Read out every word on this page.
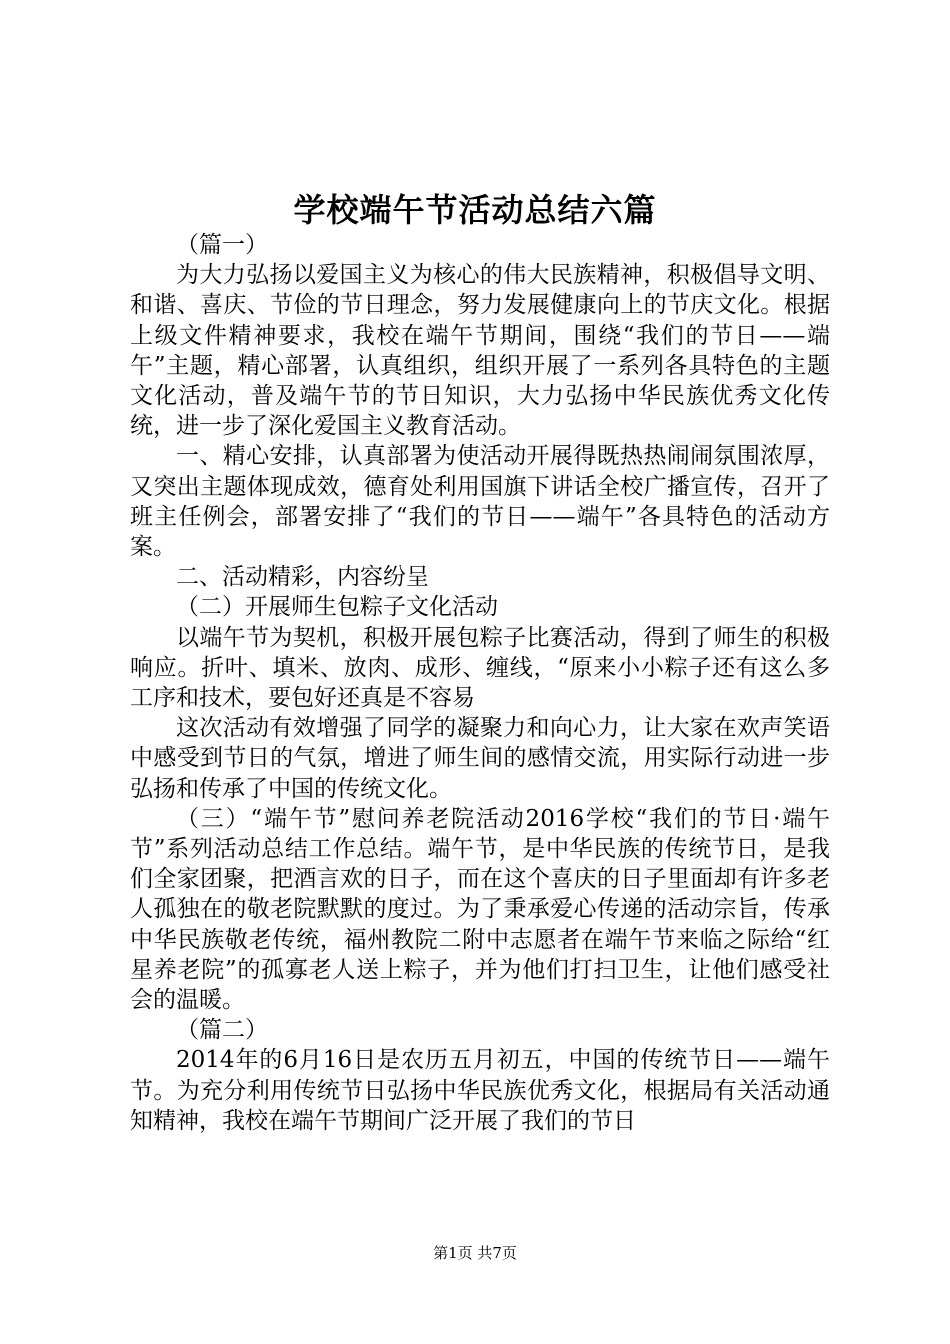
学校端午节活动总结六篇

（篇一）

为大力弘扬以爱国主义为核心的伟大民族精神，积极倡导文明、和谐、喜庆、节俭的节日理念，努力发展健康向上的节庆文化。根据上级文件精神要求，我校在端午节期间，围绕“我们的节日——端午”主题，精心部署，认真组织，组织开展了一系列各具特色的主题文化活动，普及端午节的节日知识，大力弘扬中华民族优秀文化传统，进一步了深化爱国主义教育活动。

一、精心安排，认真部署为使活动开展得既热热闹闹氛围浓厚，又突出主题体现成效，德育处利用国旗下讲话全校广播宣传，召开了班主任例会，部署安排了“我们的节日——端午”各具特色的活动方案。

二、活动精彩，内容纷呈

（二）开展师生包粽子文化活动

以端午节为契机，积极开展包粽子比赛活动，得到了师生的积极响应。折叶、填米、放肉、成形、缠线，“原来小小粽子还有这么多工序和技术，要包好还真是不容易

这次活动有效增强了同学的凝聚力和向心力，让大家在欢声笑语中感受到节日的气氛，增进了师生间的感情交流，用实际行动进一步弘扬和传承了中国的传统文化。

（三）“端午节”慰问养老院活动2016学校“我们的节日·端午节”系列活动总结工作总结。端午节，是中华民族的传统节日，是我们全家团聚，把酒言欢的日子，而在这个喜庆的日子里面却有许多老人孤独在的敬老院默默的度过。为了秉承爱心传递的活动宗旨，传承中华民族敬老传统，福州教院二附中志愿者在端午节来临之际给“红星养老院”的孤寡老人送上粽子，并为他们打扫卫生，让他们感受社会的温暖。

（篇二）

2014年的6月16日是农历五月初五，中国的传统节日——端午节。为充分利用传统节日弘扬中华民族优秀文化，根据局有关活动通知精神，我校在端午节期间广泛开展了我们的节日

第1页 共7页
